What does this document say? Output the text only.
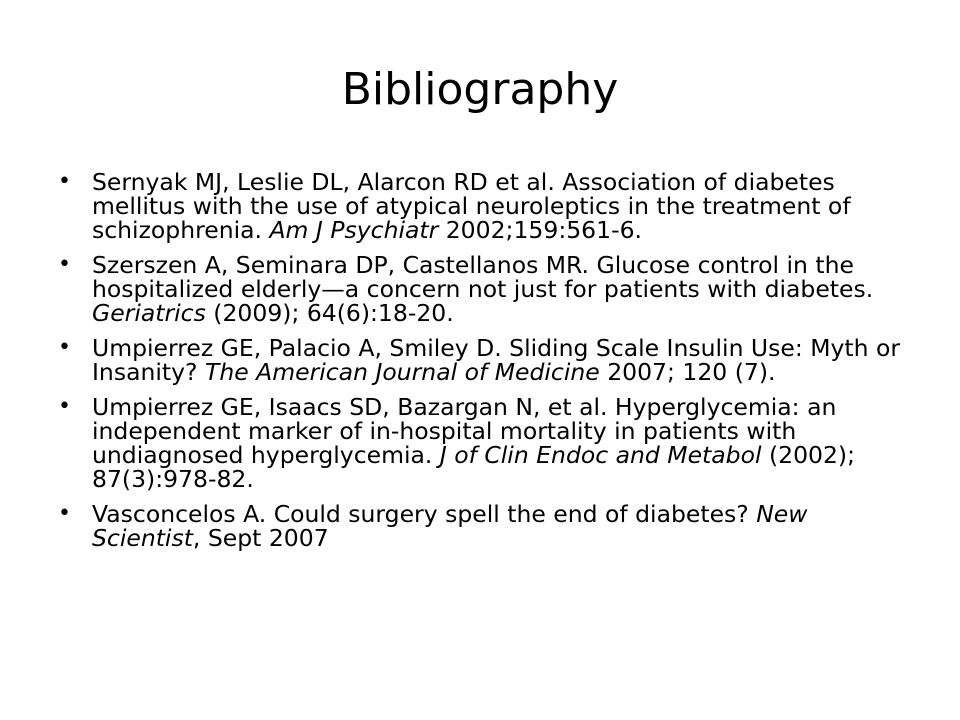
Bibliography
• Sernyak MJ, Leslie DL, Alarcon RD et al. Association of diabetes mellitus with the use of atypical neuroleptics in the treatment of schizophrenia. Am J Psychiatr 2002;159:561-6.
• Szerszen A, Seminara DP, Castellanos MR. Glucose control in the hospitalized elderly—a concern not just for patients with diabetes. Geriatrics (2009); 64(6):18-20.
• Umpierrez GE, Palacio A, Smiley D. Sliding Scale Insulin Use: Myth or Insanity? The American Journal of Medicine 2007; 120 (7).
• Umpierrez GE, Isaacs SD, Bazargan N, et al. Hyperglycemia: an independent marker of in-hospital mortality in patients with undiagnosed hyperglycemia. J of Clin Endoc and Metabol (2002); 87(3):978-82.
• Vasconcelos A. Could surgery spell the end of diabetes? New Scientist, Sept 2007
